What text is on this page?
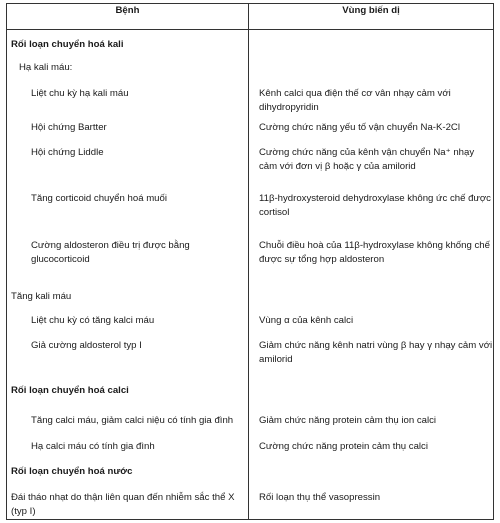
Bệnh	Vùng biến dị
Rối loạn chuyển hoá kali	
Hạ kali máu:	
Liệt chu kỳ hạ kali máu	Kênh calci qua điện thế cơ vân nhạy cảm với dihydropyridin
Hội chứng Bartter	Cường chức năng yếu tố vận chuyển Na-K-2Cl
Hội chứng Liddle	Cường chức năng của kênh vận chuyển Na⁺ nhạy cảm với đơn vị β hoặc γ của amilorid
Tăng corticoid chuyển hoá muối	11β-hydroxysteroid dehydroxylase không ức chế được cortisol
Cường aldosteron điều trị được bằng glucocorticoid	Chuỗi điều hoà của 11β-hydroxylase không khống chế được sự tổng hợp aldosteron
Tăng kali máu	
Liệt chu kỳ có tăng kalci máu	Vùng α của kênh calci
Giả cường aldosterol typ I	Giảm chức năng kênh natri vùng β hay γ nhạy cảm với amilorid
Rối loạn chuyển hoá calci	
Tăng calci máu, giảm calci niệu có tính gia đình	Giảm chức năng protein cảm thụ ion calci
Hạ calci máu có tính gia đình	Cường chức năng protein cảm thụ calci
Rối loạn chuyển hoá nước	
Đái tháo nhạt do thận liên quan đến nhiễm sắc thể X (typ I)	Rối loạn thụ thể vasopressin
